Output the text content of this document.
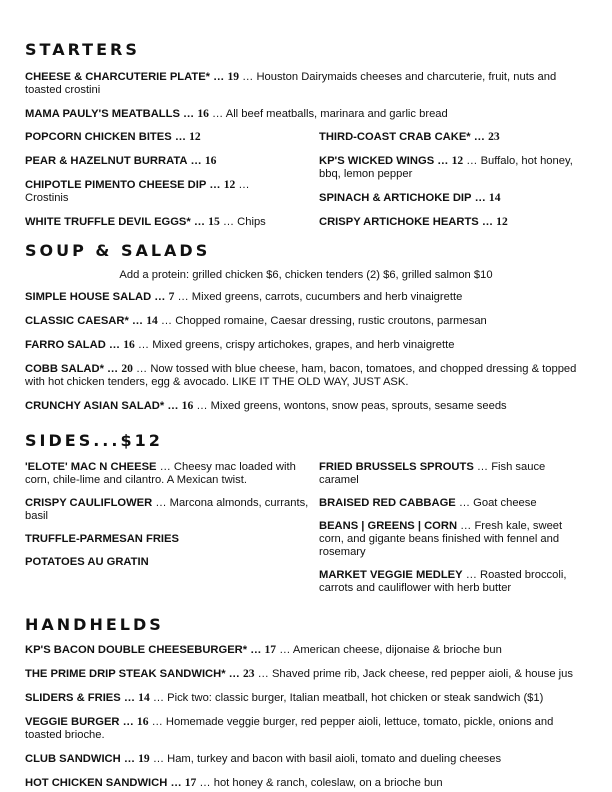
STARTERS

CHEESE & CHARCUTERIE PLATE* … 19 … Houston Dairymaids cheeses and charcuterie, fruit, nuts and toasted crostini

MAMA PAULY'S MEATBALLS … 16 … All beef meatballs, marinara and garlic bread

POPCORN CHICKEN BITES … 12

PEAR & HAZELNUT BURRATA … 16

CHIPOTLE PIMENTO CHEESE DIP … 12 …
Crostinis

WHITE TRUFFLE DEVIL EGGS* … 15 … Chips

THIRD-COAST CRAB CAKE* … 23

KP'S WICKED WINGS … 12 … Buffalo, hot honey, bbq, lemon pepper

SPINACH & ARTICHOKE DIP … 14

CRISPY ARTICHOKE HEARTS … 12

SOUP & SALADS

Add a protein: grilled chicken $6, chicken tenders (2) $6, grilled salmon $10

SIMPLE HOUSE SALAD … 7 … Mixed greens, carrots, cucumbers and herb vinaigrette

CLASSIC CAESAR* … 14 … Chopped romaine, Caesar dressing, rustic croutons, parmesan

FARRO SALAD … 16 … Mixed greens, crispy artichokes, grapes, and herb vinaigrette

COBB SALAD* … 20 … Now tossed with blue cheese, ham, bacon, tomatoes, and chopped dressing & topped with hot chicken tenders, egg & avocado. LIKE IT THE OLD WAY, JUST ASK.

CRUNCHY ASIAN SALAD* … 16 … Mixed greens, wontons, snow peas, sprouts, sesame seeds

SIDES...$12

'ELOTE' MAC N CHEESE … Cheesy mac loaded with corn, chile-lime and cilantro. A Mexican twist.

CRISPY CAULIFLOWER … Marcona almonds, currants, basil

TRUFFLE-PARMESAN FRIES

POTATOES AU GRATIN

FRIED BRUSSELS SPROUTS … Fish sauce caramel

BRAISED RED CABBAGE … Goat cheese

BEANS | GREENS | CORN … Fresh kale, sweet corn, and gigante beans finished with fennel and rosemary

MARKET VEGGIE MEDLEY … Roasted broccoli, carrots and cauliflower with herb butter

HANDHELDS

KP'S BACON DOUBLE CHEESEBURGER* … 17 … American cheese, dijonaise & brioche bun

THE PRIME DRIP STEAK SANDWICH* … 23 … Shaved prime rib, Jack cheese, red pepper aioli, & house jus

SLIDERS & FRIES … 14 … Pick two: classic burger, Italian meatball, hot chicken or steak sandwich ($1)

VEGGIE BURGER … 16 … Homemade veggie burger, red pepper aioli, lettuce, tomato, pickle, onions and toasted brioche.

CLUB SANDWICH … 19 … Ham, turkey and bacon with basil aioli, tomato and dueling cheeses

HOT CHICKEN SANDWICH … 17 … hot honey & ranch, coleslaw, on a brioche bun
